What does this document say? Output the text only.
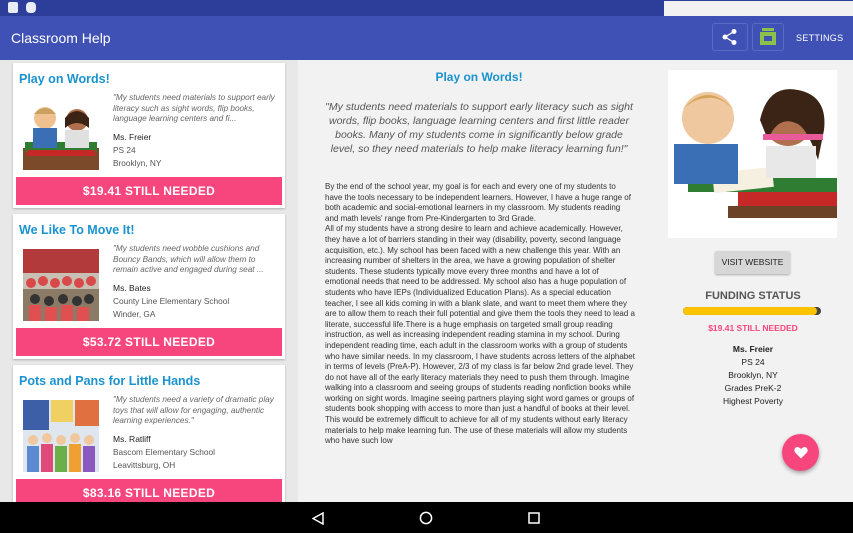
Classroom Help	SETTINGS
Play on Words!
"My students need materials to support early literacy such as sight words, flip books, language learning centers and fi...
Ms. Freier
PS 24
Brooklyn, NY
$19.41 STILL NEEDED
We Like To Move It!
"My students need wobble cushions and Bouncy Bands, which will allow them to remain active and engaged during seat ...
Ms. Bates
County Line Elementary School
Winder, GA
$53.72 STILL NEEDED
Pots and Pans for Little Hands
"My students need a variety of dramatic play toys that will allow for engaging, authentic learning experiences."
Ms. Ratliff
Bascom Elementary School
Leavittsburg, OH
$83.16 STILL NEEDED
Play on Words!
"My students need materials to support early literacy such as sight words, flip books, language learning centers and first little reader books. Many of my students come in significantly below grade level, so they need materials to help make literacy learning fun!"
By the end of the school year, my goal is for each and every one of my students to have the tools necessary to be independent learners. However, I have a huge range of both academic and social-emotional learners in my classroom. My students reading and math levels' range from Pre-Kindergarten to 3rd Grade.
All of my students have a strong desire to learn and achieve academically. However, they have a lot of barriers standing in their way (disability, poverty, second language acquisition, etc.). My school has been faced with a new challenge this year. With an increasing number of shelters in the area, we have a growing population of shelter students. These students typically move every three months and have a lot of emotional needs that need to be addressed. My school also has a huge population of students who have IEPs (Individualized Education Plans). As a special education teacher, I see all kids coming in with a blank slate, and want to meet them where they are to allow them to reach their full potential and give them the tools they need to lead a literate, successful life.There is a huge emphasis on targeted small group reading instruction, as well as increasing independent reading stamina in my school. During independent reading time, each adult in the classroom works with a group of students who have similar needs. In my classroom, I have students across letters of the alphabet in terms of levels (PreA-P). However, 2/3 of my class is far below 2nd grade level. They do not have all of the early literacy materials they need to push them through. Imagine walking into a classroom and seeing groups of students reading nonfiction books while working on sight words. Imagine seeing partners playing sight word games or groups of students book shopping with access to more than just a handful of books at their level. This would be extremely difficult to achieve for all of my students without early literacy materials to help make learning fun. The use of these materials will allow my students who have such low
VISIT WEBSITE
FUNDING STATUS
$19.41 STILL NEEDED
Ms. Freier
PS 24
Brooklyn, NY
Grades PreK-2
Highest Poverty
